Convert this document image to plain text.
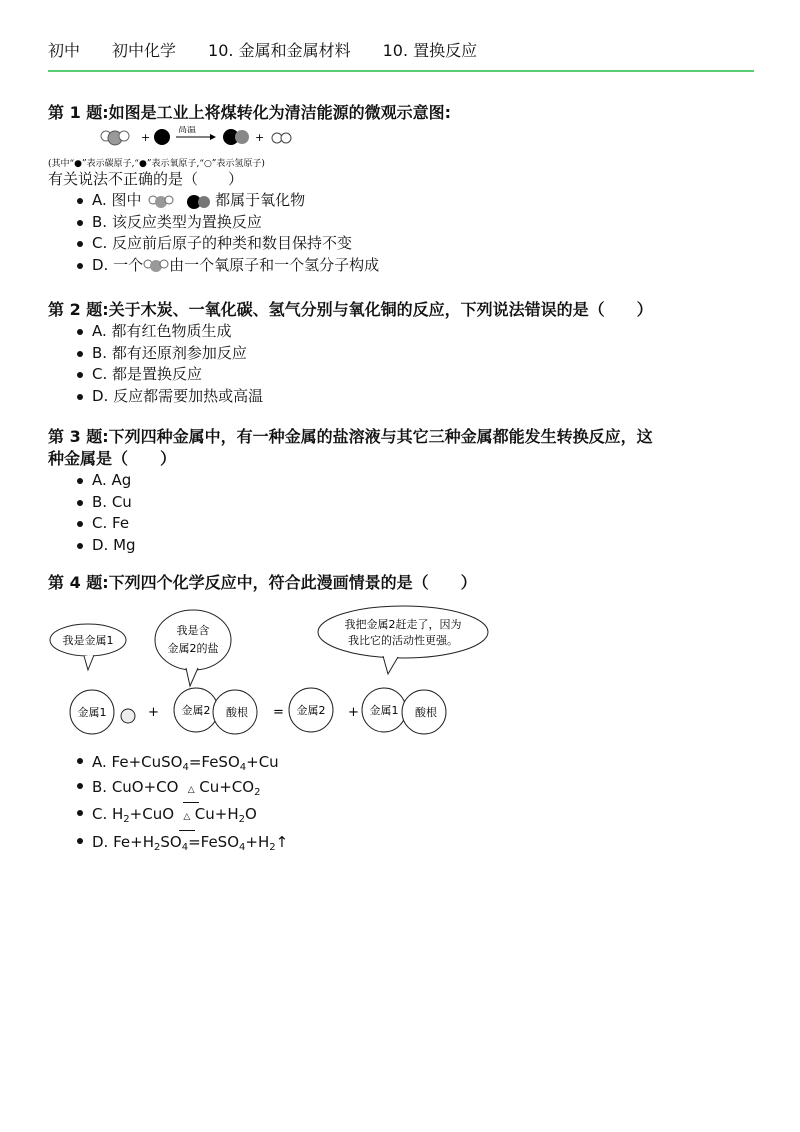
初中 初中化学 10. 金属和金属材料 10. 置换反应
第 1 题:如图是工业上将煤转化为清洁能源的微观示意图:
+
高温
+
(其中“●”表示碳原子,“●”表示氧原子,“○”表示氢原子)
有关说法不正确的是（　　）
A. 图中	都属于氧化物
B. 该反应类型为置换反应
C. 反应前后原子的种类和数目保持不变
D. 一个 由一个氧原子和一个氢分子构成
第 2 题:关于木炭、一氧化碳、氢气分别与氧化铜的反应，下列说法错误的是（　　）
A. 都有红色物质生成
B. 都有还原剂参加反应
C. 都是置换反应
D. 反应都需要加热或高温
第 3 题:下列四种金属中，有一种金属的盐溶液与其它三种金属都能发生转换反应，这
种金属是（　　）
A. Ag
B. Cu
C. Fe
D. Mg
第 4 题:下列四个化学反应中，符合此漫画情景的是（　　）
我是金属1
我是含
金属2的盐
我把金属2赶走了，因为
我比它的活动性更强。
金属1	+ 金属2 酸根 = 金属2 + 金属1 酸根
A. Fe+CuSO$_4$=FeSO$_4$+Cu
B. CuO+CO △ $Cu+CO_2$
C. $H_2+CuO$ △ $Cu+H_2O$
D. $Fe+H_2SO_4=FeSO_4+H_2↑$
